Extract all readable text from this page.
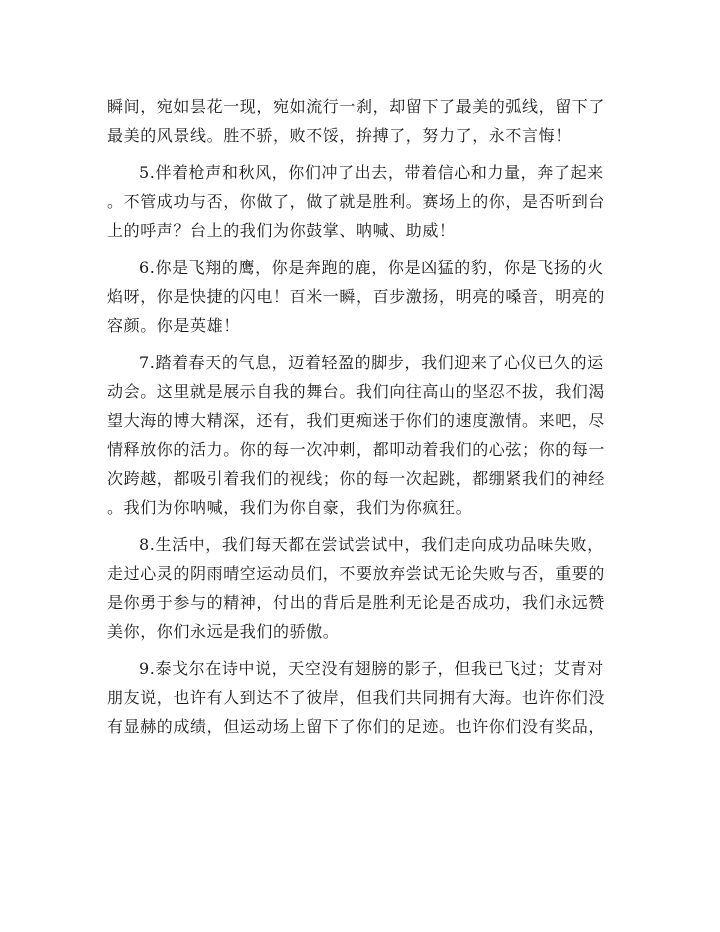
瞬间，宛如昙花一现，宛如流行一刹，却留下了最美的弧线，留下了
最美的风景线。胜不骄，败不馁，拚搏了，努力了，永不言悔！

5.伴着枪声和秋风，你们冲了出去，带着信心和力量，奔了起来
。不管成功与否，你做了，做了就是胜利。赛场上的你，是否听到台
上的呼声？台上的我们为你鼓掌、呐喊、助威！

6.你是飞翔的鹰，你是奔跑的鹿，你是凶猛的豹，你是飞扬的火
焰呀，你是快捷的闪电！百米一瞬，百步激扬，明亮的嗓音，明亮的
容颜。你是英雄！

7.踏着春天的气息，迈着轻盈的脚步，我们迎来了心仪已久的运
动会。这里就是展示自我的舞台。我们向往高山的坚忍不拔，我们渴
望大海的博大精深，还有，我们更痴迷于你们的速度激情。来吧，尽
情释放你的活力。你的每一次冲刺，都叩动着我们的心弦；你的每一
次跨越，都吸引着我们的视线；你的每一次起跳，都绷紧我们的神经
。我们为你呐喊，我们为你自豪，我们为你疯狂。

8.生活中，我们每天都在尝试尝试中，我们走向成功品味失败，
走过心灵的阴雨晴空运动员们，不要放弃尝试无论失败与否，重要的
是你勇于参与的精神，付出的背后是胜利无论是否成功，我们永远赞
美你，你们永远是我们的骄傲。

9.泰戈尔在诗中说，天空没有翅膀的影子，但我已飞过；艾青对
朋友说，也许有人到达不了彼岸，但我们共同拥有大海。也许你们没
有显赫的成绩，但运动场上留下了你们的足迹。也许你们没有奖品，
